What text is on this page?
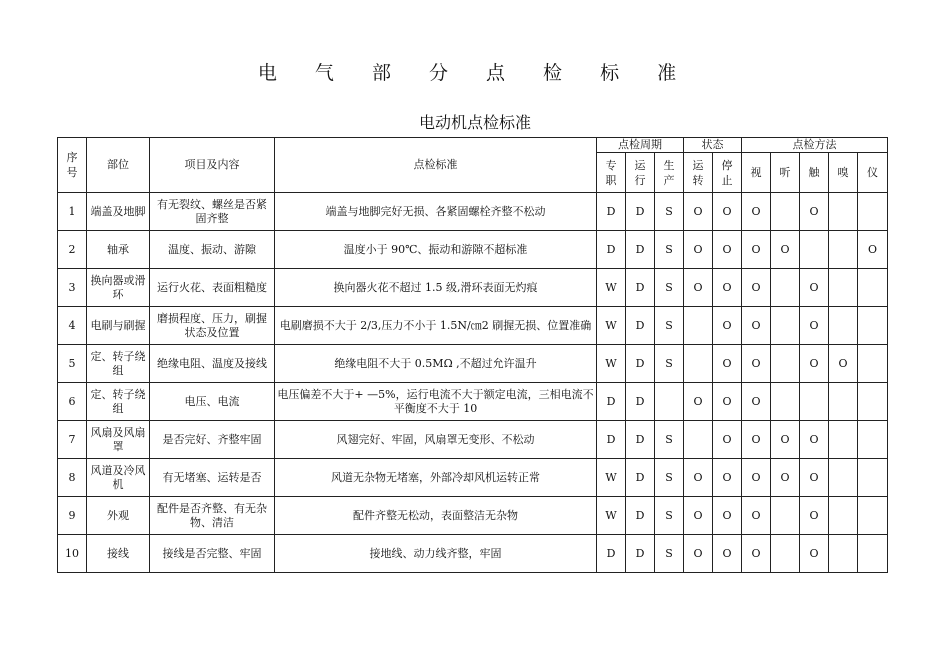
电 气 部 分 点 检 标 准
电动机点检标准
序号	部位	项目及内容	点检标准	点检周期			状态		点检方法				
				专职	运行	生产	运转	停止	视	听	触	嗅	仪
1	端盖及地脚	有无裂纹、螺丝是否紧固齐整	端盖与地脚完好无损、各紧固螺栓齐整不松动	D	D	S	O	O	O		O		
2	轴承	温度、振动、游隙	温度小于 90℃、振动和游隙不超标准	D	D	S	O	O	O	O			O
3	换向器或滑环	运行火花、表面粗糙度	换向器火花不超过 1.5 级,滑环表面无灼痕	W	D	S	O	O	O		O		
4	电刷与刷握	磨损程度、压力，刷握状态及位置	电刷磨损不大于 2/3,压力不小于 1.5N/㎝2 刷握无损、位置准确	W	D	S		O	O		O		
5	定、转子绕组	绝缘电阻、温度及接线	绝缘电阻不大于 0.5MΩ ,不超过允许温升	W	D	S		O	O		O	O	
6	定、转子绕组	电压、电流	电压偏差不大于+ —5%，运行电流不大于额定电流，三相电流不平衡度不大于 10	D	D		O	O	O				
7	风扇及风扇罩	是否完好、齐整牢固	风翅完好、牢固，风扇罩无变形、不松动	D	D	S		O	O	O	O		
8	风道及冷风机	有无堵塞、运转是否	风道无杂物无堵塞，外部冷却风机运转正常	W	D	S	O	O	O	O	O		
9	外观	配件是否齐整、有无杂物、清洁	配件齐整无松动，表面整洁无杂物	W	D	S	O	O	O		O		
10	接线	接线是否完整、牢固	接地线、动力线齐整，牢固	D	D	S	O	O	O		O		
